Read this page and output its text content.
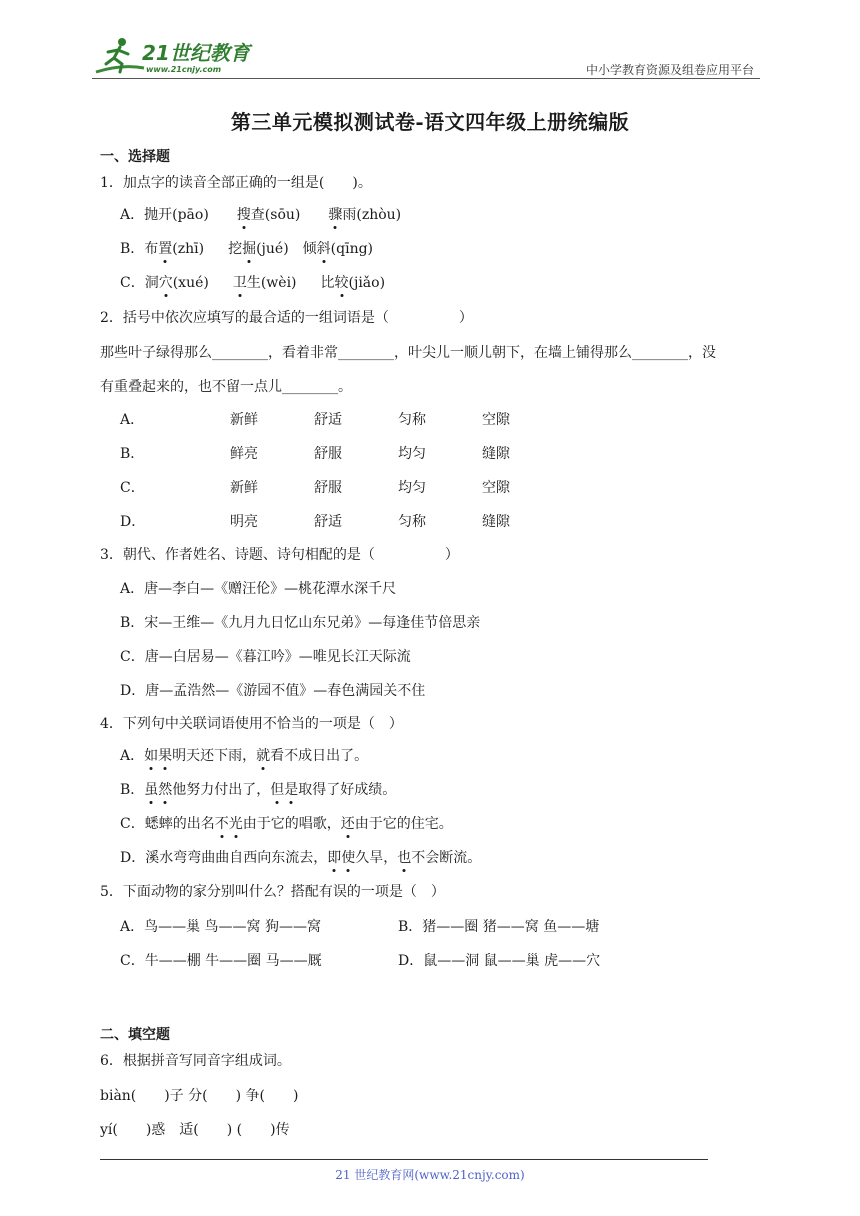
21世纪教育
www.21cnjy.com	中小学教育资源及组卷应用平台
第三单元模拟测试卷-语文四年级上册统编版
一、选择题
1．加点字的读音全部正确的一组是(　　)。
A．抛开(pāo) 搜查(sōu) 骤雨(zhòu)
B．布置(zhī) 挖掘(jué) 倾斜(qīng)
C．洞穴(xué) 卫生(wèi) 比较(jiǎo)
2．括号中依次应填写的最合适的一组词语是（　　　　　）
那些叶子绿得那么________，看着非常________，叶尖儿一顺儿朝下，在墙上铺得那么________，没
有重叠起来的，也不留一点儿________。
A．	新鲜	舒适	匀称	空隙
B．	鲜亮	舒服	均匀	缝隙
C．	新鲜	舒服	均匀	空隙
D．	明亮	舒适	匀称	缝隙
3．朝代、作者姓名、诗题、诗句相配的是（　　　　　）
A．唐—李白—《赠汪伦》—桃花潭水深千尺
B．宋—王维—《九月九日忆山东兄弟》—每逢佳节倍思亲
C．唐—白居易—《暮江吟》—唯见长江天际流
D．唐—孟浩然—《游园不值》—春色满园关不住
4．下列句中关联词语使用不恰当的一项是（　）
A．如果明天还下雨，就看不成日出了。
B．虽然他努力付出了，但是取得了好成绩。
C．蟋蟀的出名不光由于它的唱歌，还由于它的住宅。
D．溪水弯弯曲曲自西向东流去，即使久旱，也不会断流。
5．下面动物的家分别叫什么？搭配有误的一项是（　）
A．鸟——巢 鸟——窝 狗——窝	B．猪——圈 猪——窝 鱼——塘
C．牛——棚 牛——圈 马——厩	D．鼠——洞 鼠——巢 虎——穴
二、填空题
6．根据拼音写同音字组成词。
biàn(　　)子 分(　　) 争(　　)
yí(　　)惑　适(　　) (　　)传
21 世纪教育网(www.21cnjy.com)
